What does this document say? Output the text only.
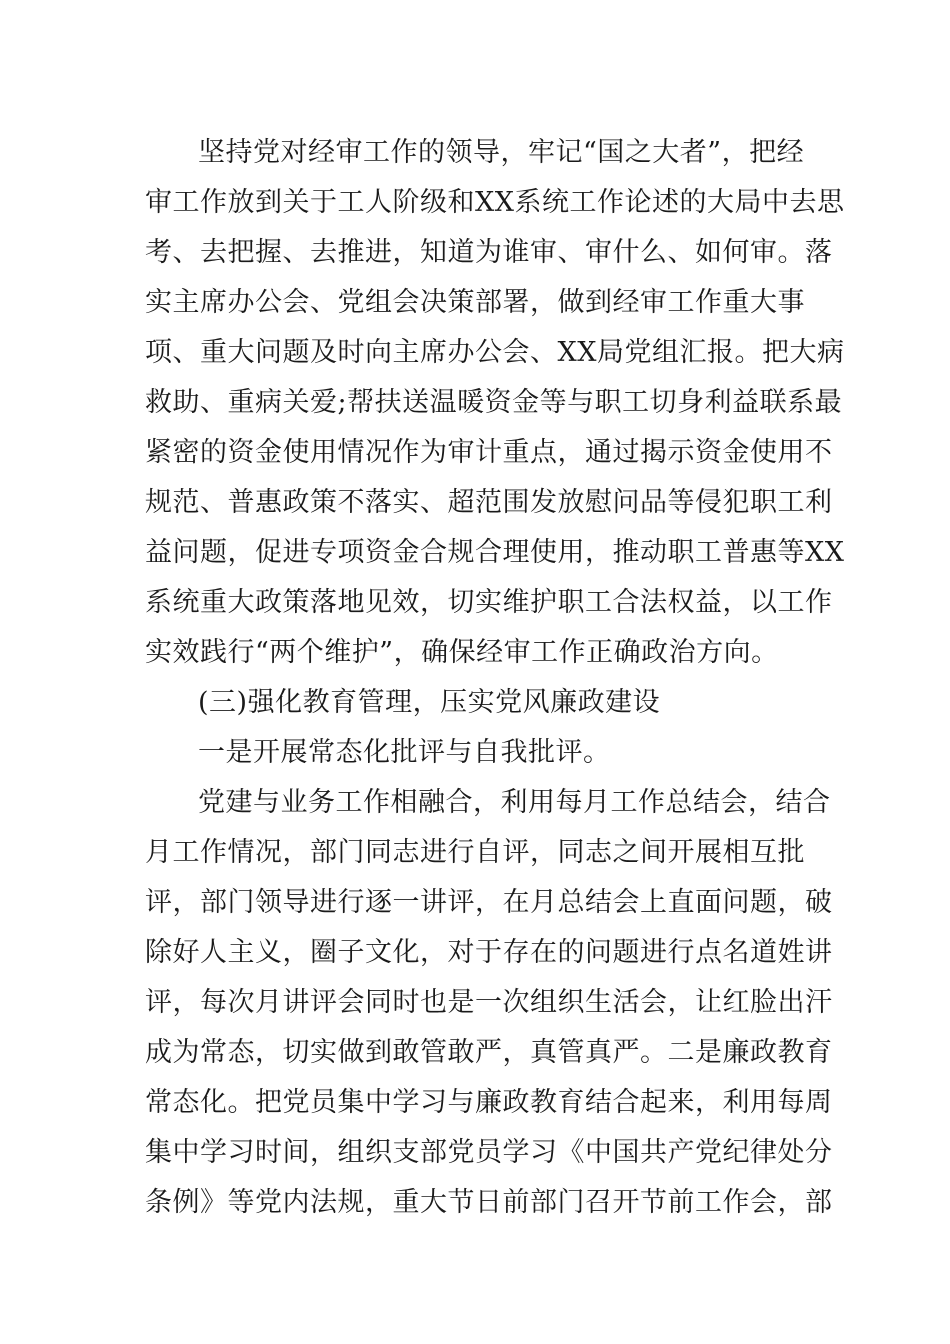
坚持党对经审工作的领导，牢记“国之大者”，把经

审工作放到关于工人阶级和XX系统工作论述的大局中去思

考、去把握、去推进，知道为谁审、审什么、如何审。落

实主席办公会、党组会决策部署，做到经审工作重大事

项、重大问题及时向主席办公会、XX局党组汇报。把大病

救助、重病关爱;帮扶送温暖资金等与职工切身利益联系最

紧密的资金使用情况作为审计重点，通过揭示资金使用不

规范、普惠政策不落实、超范围发放慰问品等侵犯职工利

益问题，促进专项资金合规合理使用，推动职工普惠等XX

系统重大政策落地见效，切实维护职工合法权益，以工作

实效践行“两个维护”，确保经审工作正确政治方向。

(三)强化教育管理，压实党风廉政建设

一是开展常态化批评与自我批评。

党建与业务工作相融合，利用每月工作总结会，结合

月工作情况，部门同志进行自评，同志之间开展相互批

评，部门领导进行逐一讲评，在月总结会上直面问题，破

除好人主义，圈子文化，对于存在的问题进行点名道姓讲

评，每次月讲评会同时也是一次组织生活会，让红脸出汗

成为常态，切实做到敢管敢严，真管真严。二是廉政教育

常态化。把党员集中学习与廉政教育结合起来，利用每周

集中学习时间，组织支部党员学习《中国共产党纪律处分

条例》等党内法规，重大节日前部门召开节前工作会，部
